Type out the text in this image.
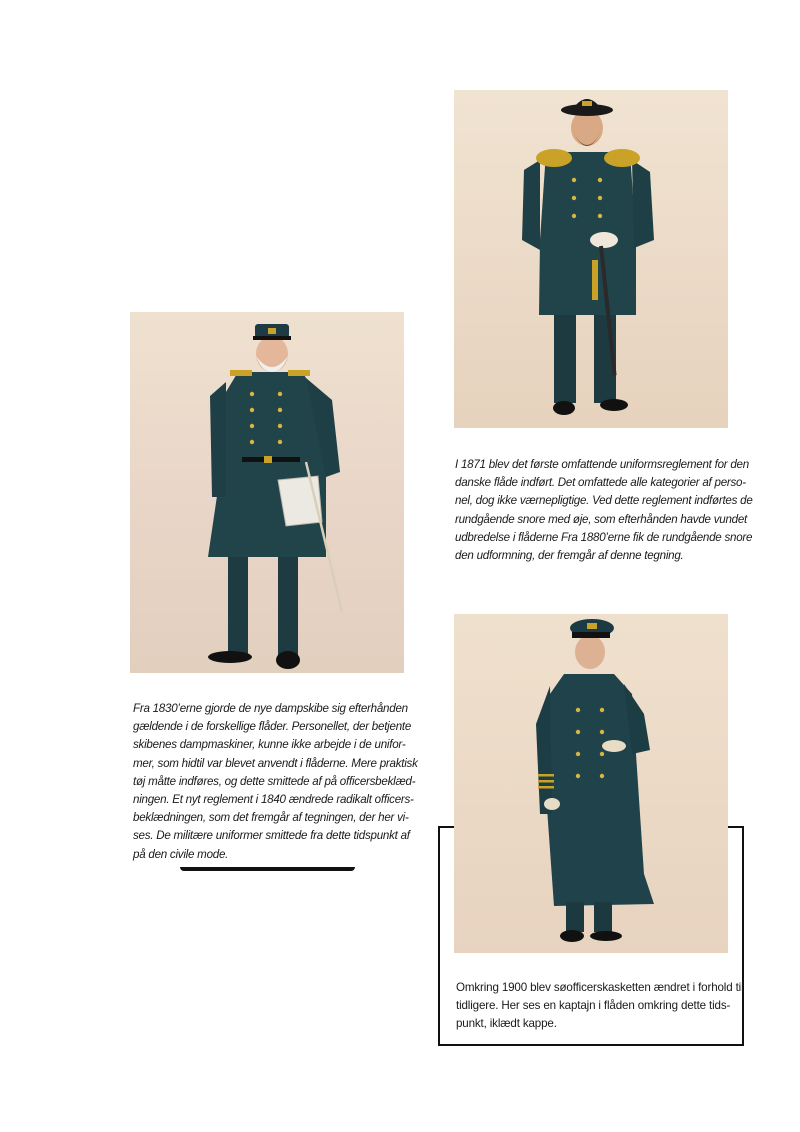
I 1871 blev det første omfattende uniformsreglement for den
danske flåde indført. Det omfattede alle kategorier af perso-
nel, dog ikke værnepligtige. Ved dette reglement indførtes de
rundgående snore med øje, som efterhånden havde vundet
udbredelse i flåderne Fra 1880’erne fik de rundgående snore
den udformning, der fremgår af denne tegning.

Fra 1830’erne gjorde de nye dampskibe sig efterhånden
gældende i de forskellige flåder. Personellet, der betjente
skibenes dampmaskiner, kunne ikke arbejde i de unifor-
mer, som hidtil var blevet anvendt i flåderne. Mere praktisk
tøj måtte indføres, og dette smittede af på officersbeklæd-
ningen. Et nyt reglement i 1840 ændrede radikalt officers-
beklædningen, som det fremgår af tegningen, der her vi-
ses. De militære uniformer smittede fra dette tidspunkt af
på den civile mode.

Omkring 1900 blev søofficerskasketten ændret i forhold til
tidligere. Her ses en kaptajn i flåden omkring dette tids-
punkt, iklædt kappe.
